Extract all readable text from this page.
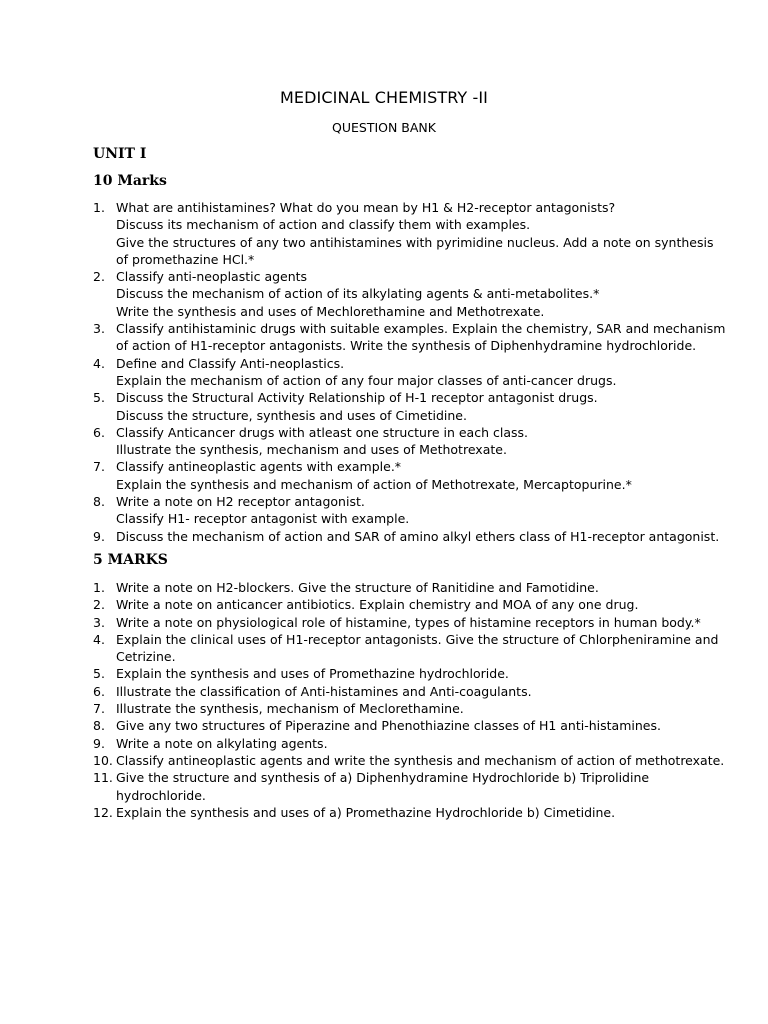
MEDICINAL CHEMISTRY -II
QUESTION BANK
UNIT I
10 Marks
1. What are antihistamines? What do you mean by H1 & H2-receptor antagonists?
Discuss its mechanism of action and classify them with examples.
Give the structures of any two antihistamines with pyrimidine nucleus. Add a note on synthesis
of promethazine HCl.*
2. Classify anti-neoplastic agents
Discuss the mechanism of action of its alkylating agents & anti-metabolites.*
Write the synthesis and uses of Mechlorethamine and Methotrexate.
3. Classify antihistaminic drugs with suitable examples. Explain the chemistry, SAR and mechanism
of action of H1-receptor antagonists. Write the synthesis of Diphenhydramine hydrochloride.
4. Define and Classify Anti-neoplastics.
Explain the mechanism of action of any four major classes of anti-cancer drugs.
5. Discuss the Structural Activity Relationship of H-1 receptor antagonist drugs.
Discuss the structure, synthesis and uses of Cimetidine.
6. Classify Anticancer drugs with atleast one structure in each class.
Illustrate the synthesis, mechanism and uses of Methotrexate.
7. Classify antineoplastic agents with example.*
Explain the synthesis and mechanism of action of Methotrexate, Mercaptopurine.*
8. Write a note on H2 receptor antagonist.
Classify H1- receptor antagonist with example.
9. Discuss the mechanism of action and SAR of amino alkyl ethers class of H1-receptor antagonist.
5 MARKS
1. Write a note on H2-blockers. Give the structure of Ranitidine and Famotidine.
2. Write a note on anticancer antibiotics. Explain chemistry and MOA of any one drug.
3. Write a note on physiological role of histamine, types of histamine receptors in human body.*
4. Explain the clinical uses of H1-receptor antagonists. Give the structure of Chlorpheniramine and
Cetrizine.
5. Explain the synthesis and uses of Promethazine hydrochloride.
6. Illustrate the classification of Anti-histamines and Anti-coagulants.
7. Illustrate the synthesis, mechanism of Meclorethamine.
8. Give any two structures of Piperazine and Phenothiazine classes of H1 anti-histamines.
9. Write a note on alkylating agents.
10. Classify antineoplastic agents and write the synthesis and mechanism of action of methotrexate.
11. Give the structure and synthesis of a) Diphenhydramine Hydrochloride b) Triprolidine
hydrochloride.
12. Explain the synthesis and uses of a) Promethazine Hydrochloride b) Cimetidine.
